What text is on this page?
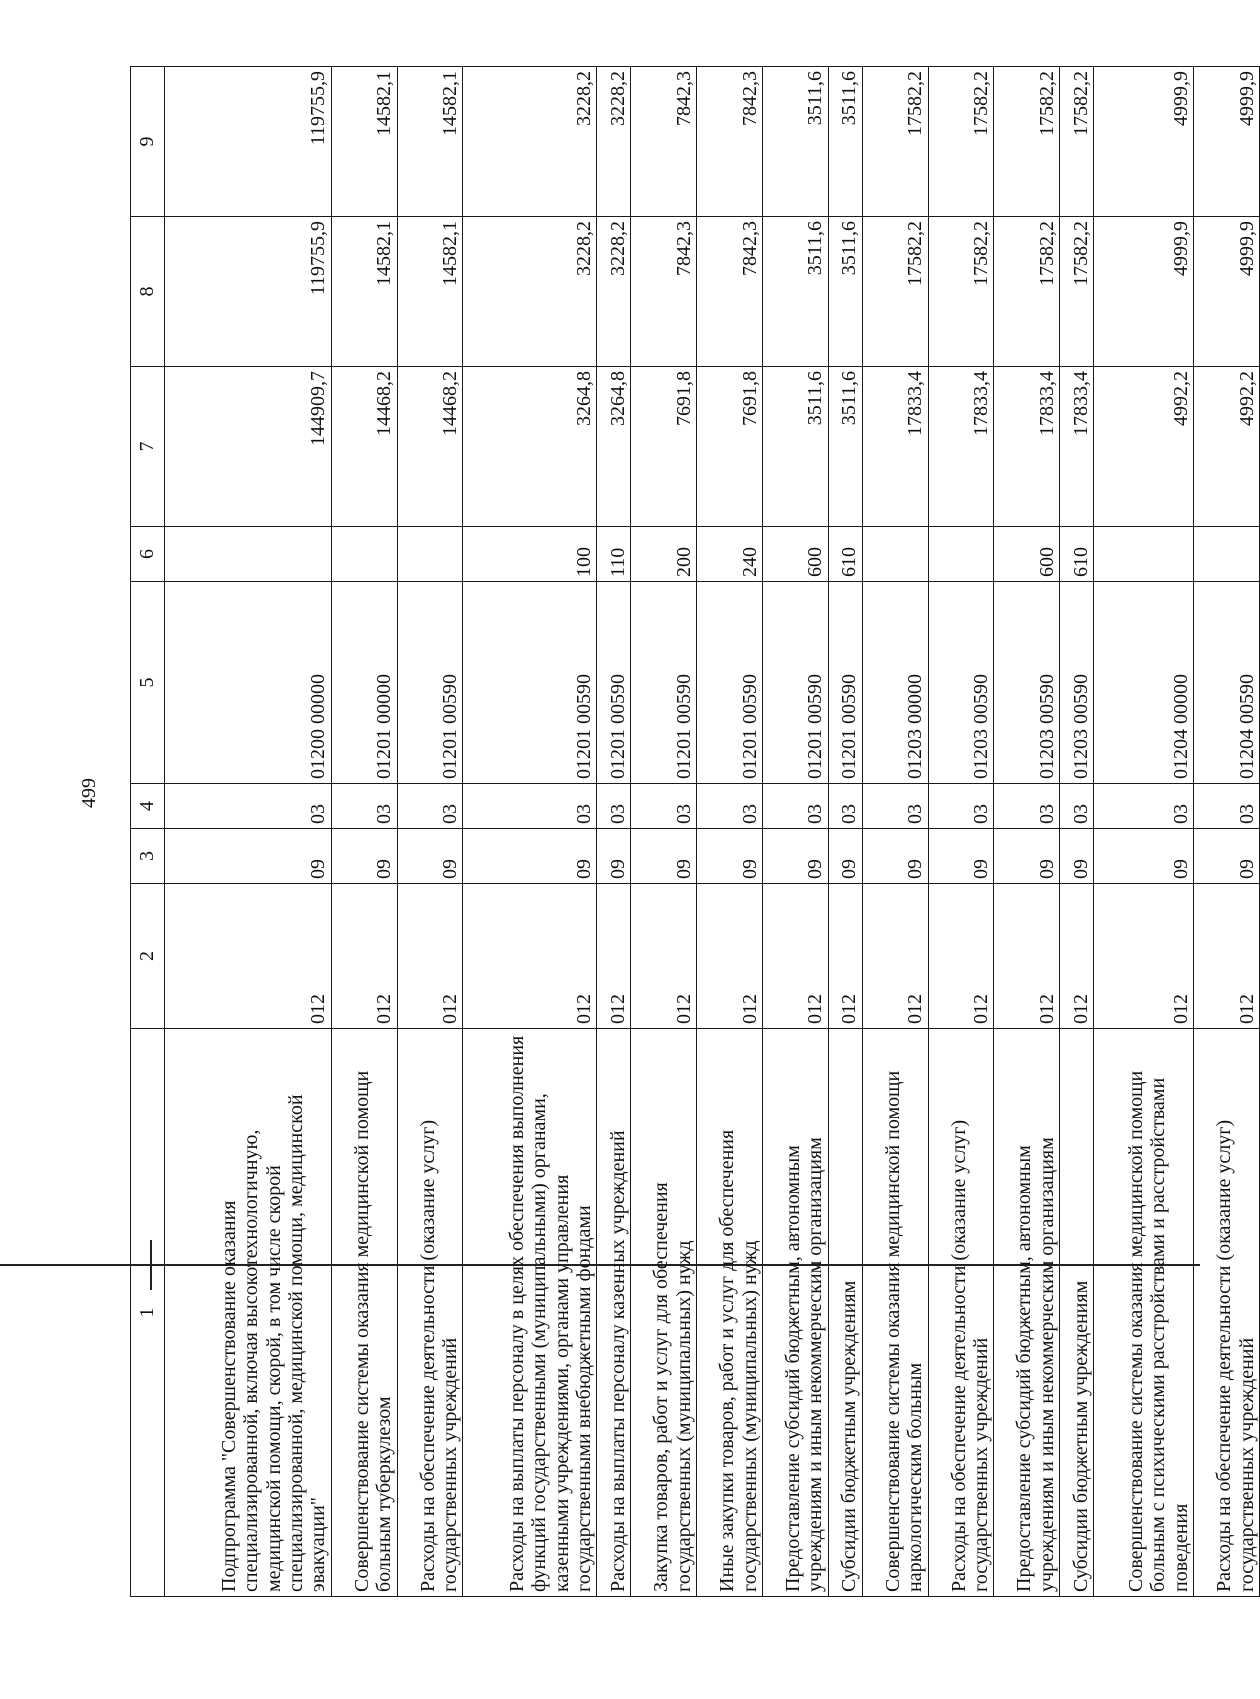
499
1	2	3	4	5	6	7	8	9
Подпрограмма "Совершенствование оказания специализированной, включая высокотехнологичную, медицинской помощи, скорой, в том числе скорой специализированной, медицинской помощи, медицинской эвакуации"	012	09	03	01200 00000		144909,7	119755,9	119755,9
Совершенствование системы оказания медицинской помощи больным туберкулезом	012	09	03	01201 00000		14468,2	14582,1	14582,1
Расходы на обеспечение деятельности (оказание услуг) государственных учреждений	012	09	03	01201 00590		14468,2	14582,1	14582,1
Расходы на выплаты персоналу в целях обеспечения выполнения функций государственными (муниципальными) органами, казенными учреждениями, органами управления государственными внебюджетными фондами	012	09	03	01201 00590	100	3264,8	3228,2	3228,2
Расходы на выплаты персоналу казенных учреждений	012	09	03	01201 00590	110	3264,8	3228,2	3228,2
Закупка товаров, работ и услуг для обеспечения государственных (муниципальных) нужд	012	09	03	01201 00590	200	7691,8	7842,3	7842,3
Иные закупки товаров, работ и услуг для обеспечения государственных (муниципальных) нужд	012	09	03	01201 00590	240	7691,8	7842,3	7842,3
Предоставление субсидий бюджетным, автономным учреждениям и иным некоммерческим организациям	012	09	03	01201 00590	600	3511,6	3511,6	3511,6
Субсидии бюджетным учреждениям	012	09	03	01201 00590	610	3511,6	3511,6	3511,6
Совершенствование системы оказания медицинской помощи наркологическим больным	012	09	03	01203 00000		17833,4	17582,2	17582,2
Расходы на обеспечение деятельности (оказание услуг) государственных учреждений	012	09	03	01203 00590		17833,4	17582,2	17582,2
Предоставление субсидий бюджетным, автономным учреждениям и иным некоммерческим организациям	012	09	03	01203 00590	600	17833,4	17582,2	17582,2
Субсидии бюджетным учреждениям	012	09	03	01203 00590	610	17833,4	17582,2	17582,2
Совершенствование системы оказания медицинской помощи больным с психическими расстройствами и расстройствами поведения	012	09	03	01204 00000		4992,2	4999,9	4999,9
Расходы на обеспечение деятельности (оказание услуг) государственных учреждений	012	09	03	01204 00590		4992,2	4999,9	4999,9
